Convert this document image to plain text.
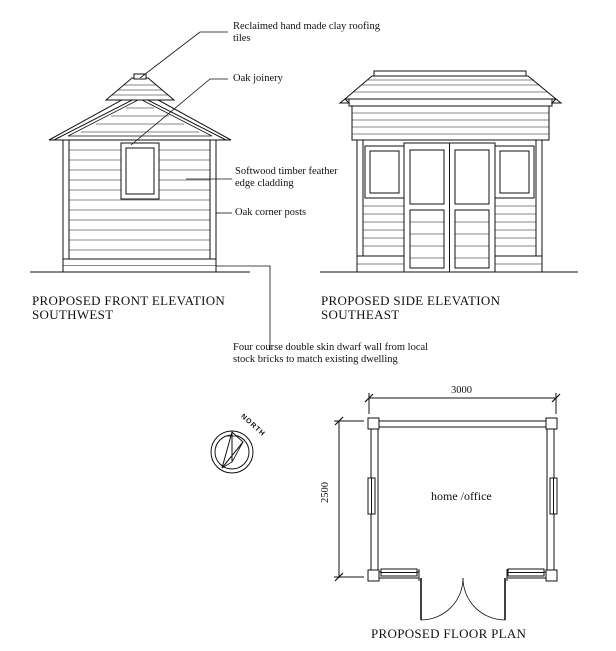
Reclaimed hand made clay roofing
tiles
Oak joinery
Softwood timber feather
edge cladding
Oak corner posts
Four course double skin dwarf wall from local
stock bricks to match existing dwelling
PROPOSED FRONT ELEVATION
SOUTHWEST
PROPOSED SIDE ELEVATION
SOUTHEAST
3000
2500	home /office
PROPOSED FLOOR PLAN
NORTH
